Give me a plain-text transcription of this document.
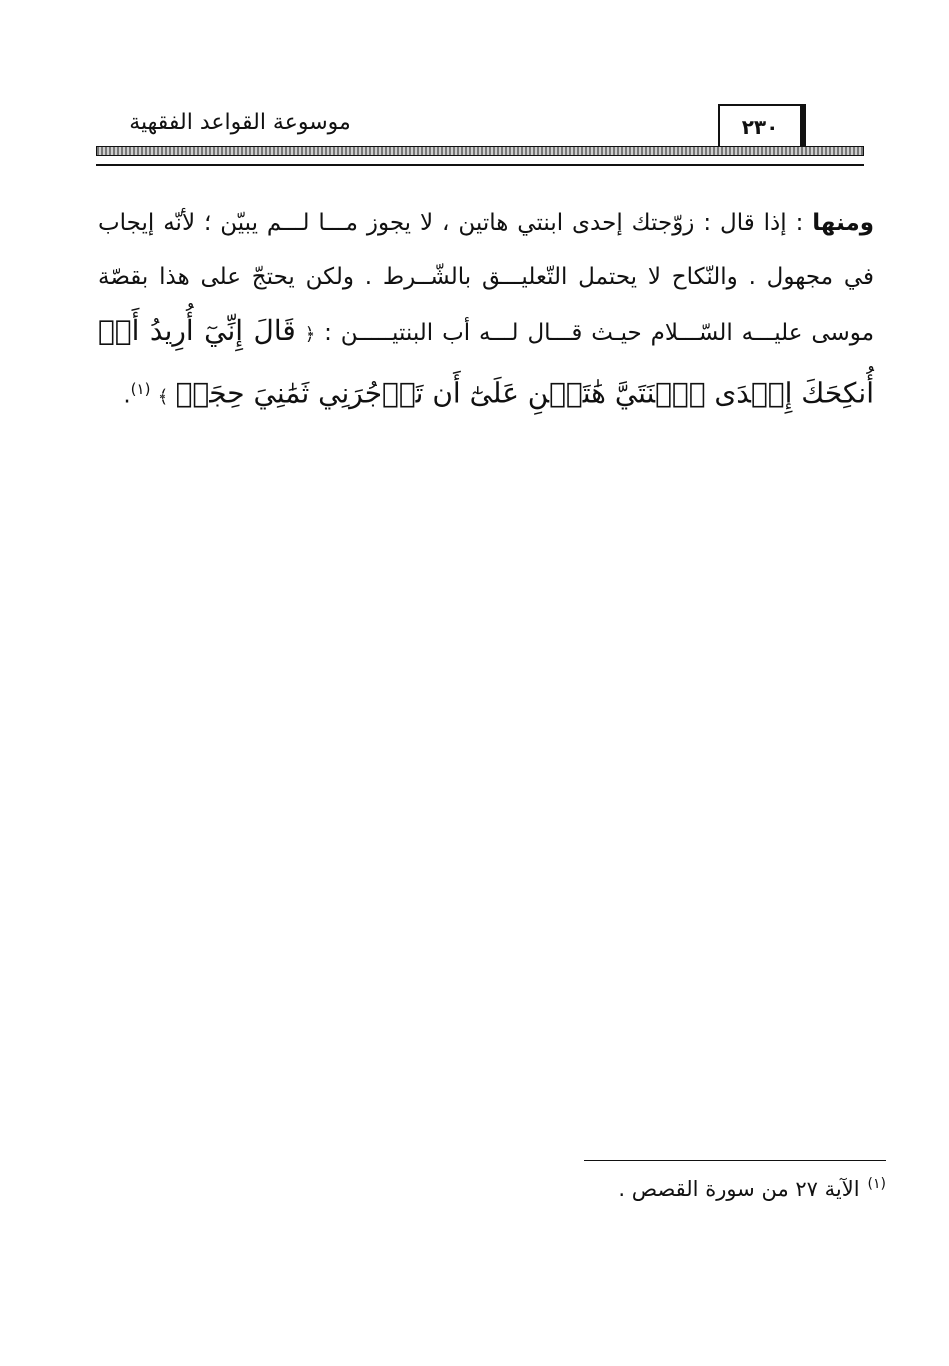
موسوعة القواعد الفقهية	٢٣٠

ومنها : إذا قال : زوّجتك إحدى ابنتي هاتين ، لا يجوز مـــا لـــم يبيّن ؛ لأنّه إيجاب في مجهول . والنّكاح لا يحتمل التّعليـــق بالشّــرط . ولكن يحتجّ على هذا بقصّة موسى عليـــه السّـــلام حيـث قـــال لـــه أب البنتيـــــن : ﴿ قَالَ إِنِّيٓ أُرِيدُ أَنۡ أُنكِحَكَ إِحۡدَى ٱبۡنَتَيَّ هَٰتَيۡنِ عَلَىٰٓ أَن تَأۡجُرَنِي ثَمَٰنِيَ حِجَجٖ ﴾ $^{(١)}$.

$^{(١)}$الآية ٢٧ من سورة القصص .
